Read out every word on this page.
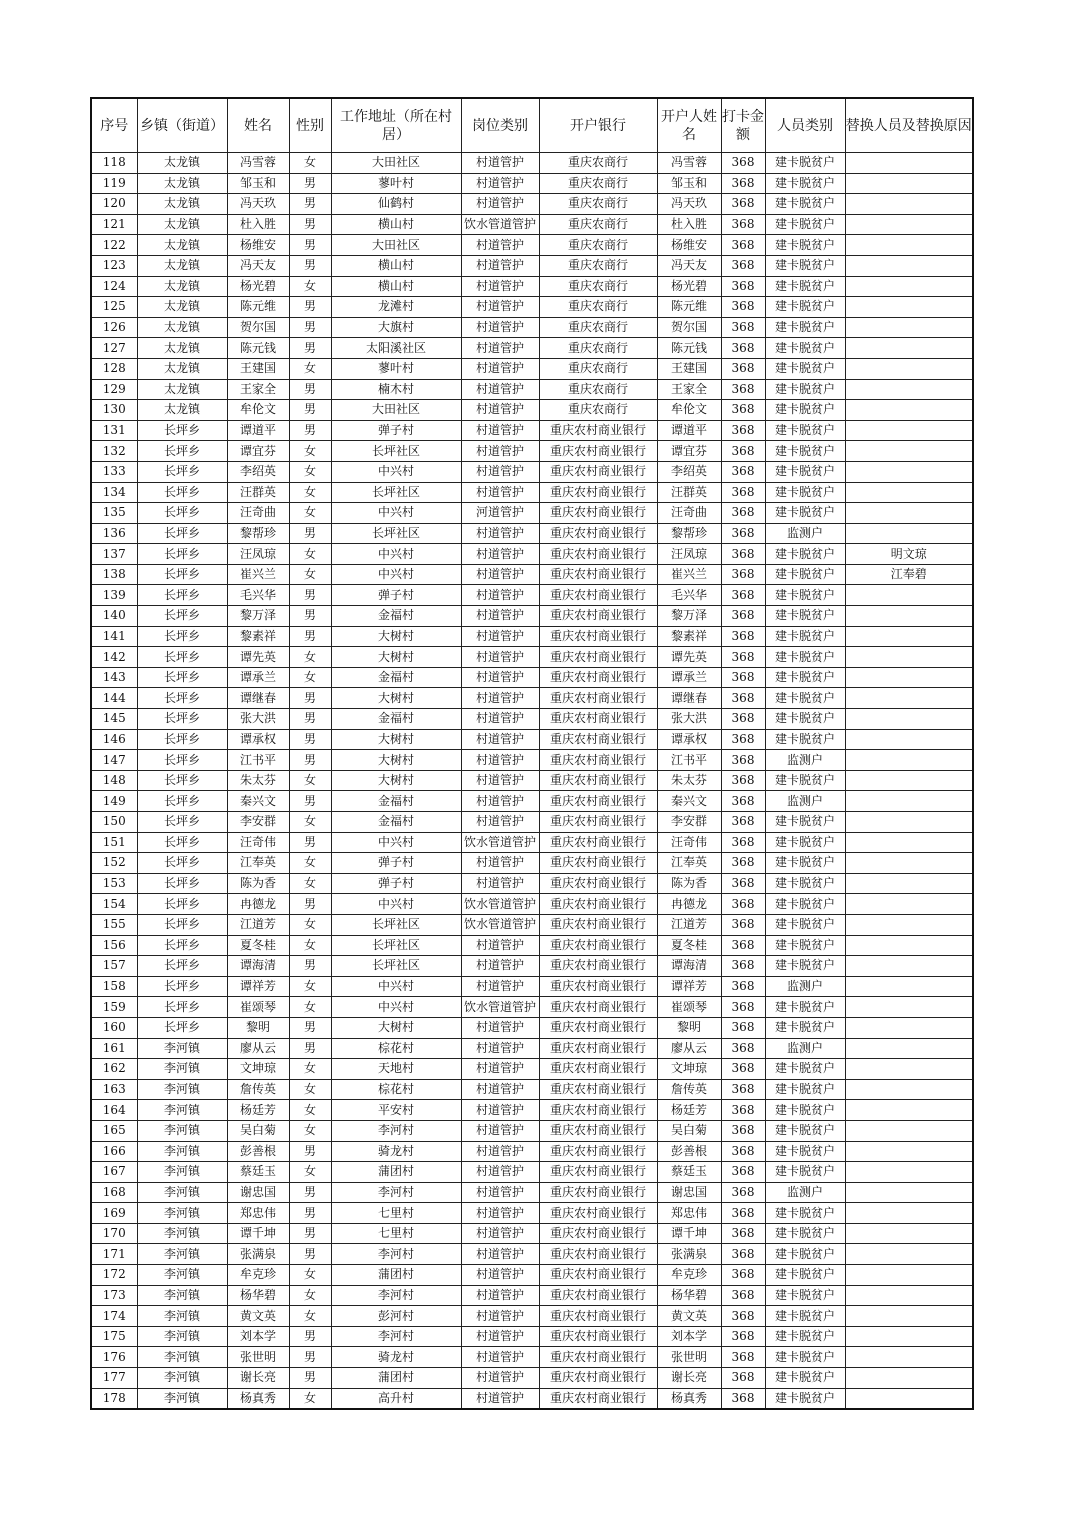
序号	乡镇（街道）	姓名	性别	工作地址（所在村居）	岗位类别	开户银行	开户人姓名	打卡金额	人员类别	替换人员及替换原因
118	太龙镇	冯雪蓉	女	大田社区	村道管护	重庆农商行	冯雪蓉	368	建卡脱贫户	
119	太龙镇	邹玉和	男	蓼叶村	村道管护	重庆农商行	邹玉和	368	建卡脱贫户	
120	太龙镇	冯天玖	男	仙鹤村	村道管护	重庆农商行	冯天玖	368	建卡脱贫户	
121	太龙镇	杜入胜	男	横山村	饮水管道管护	重庆农商行	杜入胜	368	建卡脱贫户	
122	太龙镇	杨维安	男	大田社区	村道管护	重庆农商行	杨维安	368	建卡脱贫户	
123	太龙镇	冯天友	男	横山村	村道管护	重庆农商行	冯天友	368	建卡脱贫户	
124	太龙镇	杨光碧	女	横山村	村道管护	重庆农商行	杨光碧	368	建卡脱贫户	
125	太龙镇	陈元维	男	龙滩村	村道管护	重庆农商行	陈元维	368	建卡脱贫户	
126	太龙镇	贺尔国	男	大旗村	村道管护	重庆农商行	贺尔国	368	建卡脱贫户	
127	太龙镇	陈元钱	男	太阳溪社区	村道管护	重庆农商行	陈元钱	368	建卡脱贫户	
128	太龙镇	王建国	女	蓼叶村	村道管护	重庆农商行	王建国	368	建卡脱贫户	
129	太龙镇	王家全	男	楠木村	村道管护	重庆农商行	王家全	368	建卡脱贫户	
130	太龙镇	牟伦文	男	大田社区	村道管护	重庆农商行	牟伦文	368	建卡脱贫户	
131	长坪乡	谭道平	男	弹子村	村道管护	重庆农村商业银行	谭道平	368	建卡脱贫户	
132	长坪乡	谭宜芬	女	长坪社区	村道管护	重庆农村商业银行	谭宜芬	368	建卡脱贫户	
133	长坪乡	李绍英	女	中兴村	村道管护	重庆农村商业银行	李绍英	368	建卡脱贫户	
134	长坪乡	汪群英	女	长坪社区	村道管护	重庆农村商业银行	汪群英	368	建卡脱贫户	
135	长坪乡	汪奇曲	女	中兴村	河道管护	重庆农村商业银行	汪奇曲	368	建卡脱贫户	
136	长坪乡	黎帮珍	男	长坪社区	村道管护	重庆农村商业银行	黎帮珍	368	监测户	
137	长坪乡	汪凤琼	女	中兴村	村道管护	重庆农村商业银行	汪凤琼	368	建卡脱贫户	明文琼
138	长坪乡	崔兴兰	女	中兴村	村道管护	重庆农村商业银行	崔兴兰	368	建卡脱贫户	江奉碧
139	长坪乡	毛兴华	男	弹子村	村道管护	重庆农村商业银行	毛兴华	368	建卡脱贫户	
140	长坪乡	黎万泽	男	金福村	村道管护	重庆农村商业银行	黎万泽	368	建卡脱贫户	
141	长坪乡	黎素祥	男	大树村	村道管护	重庆农村商业银行	黎素祥	368	建卡脱贫户	
142	长坪乡	谭先英	女	大树村	村道管护	重庆农村商业银行	谭先英	368	建卡脱贫户	
143	长坪乡	谭承兰	女	金福村	村道管护	重庆农村商业银行	谭承兰	368	建卡脱贫户	
144	长坪乡	谭继春	男	大树村	村道管护	重庆农村商业银行	谭继春	368	建卡脱贫户	
145	长坪乡	张大洪	男	金福村	村道管护	重庆农村商业银行	张大洪	368	建卡脱贫户	
146	长坪乡	谭承权	男	大树村	村道管护	重庆农村商业银行	谭承权	368	建卡脱贫户	
147	长坪乡	江书平	男	大树村	村道管护	重庆农村商业银行	江书平	368	监测户	
148	长坪乡	朱太芬	女	大树村	村道管护	重庆农村商业银行	朱太芬	368	建卡脱贫户	
149	长坪乡	秦兴文	男	金福村	村道管护	重庆农村商业银行	秦兴文	368	监测户	
150	长坪乡	李安群	女	金福村	村道管护	重庆农村商业银行	李安群	368	建卡脱贫户	
151	长坪乡	汪奇伟	男	中兴村	饮水管道管护	重庆农村商业银行	汪奇伟	368	建卡脱贫户	
152	长坪乡	江奉英	女	弹子村	村道管护	重庆农村商业银行	江奉英	368	建卡脱贫户	
153	长坪乡	陈为香	女	弹子村	村道管护	重庆农村商业银行	陈为香	368	建卡脱贫户	
154	长坪乡	冉德龙	男	中兴村	饮水管道管护	重庆农村商业银行	冉德龙	368	建卡脱贫户	
155	长坪乡	江道芳	女	长坪社区	饮水管道管护	重庆农村商业银行	江道芳	368	建卡脱贫户	
156	长坪乡	夏冬桂	女	长坪社区	村道管护	重庆农村商业银行	夏冬桂	368	建卡脱贫户	
157	长坪乡	谭海清	男	长坪社区	村道管护	重庆农村商业银行	谭海清	368	建卡脱贫户	
158	长坪乡	谭祥芳	女	中兴村	村道管护	重庆农村商业银行	谭祥芳	368	监测户	
159	长坪乡	崔颂琴	女	中兴村	饮水管道管护	重庆农村商业银行	崔颂琴	368	建卡脱贫户	
160	长坪乡	黎明	男	大树村	村道管护	重庆农村商业银行	黎明	368	建卡脱贫户	
161	李河镇	廖从云	男	棕花村	村道管护	重庆农村商业银行	廖从云	368	监测户	
162	李河镇	文坤琼	女	天地村	村道管护	重庆农村商业银行	文坤琼	368	建卡脱贫户	
163	李河镇	詹传英	女	棕花村	村道管护	重庆农村商业银行	詹传英	368	建卡脱贫户	
164	李河镇	杨廷芳	女	平安村	村道管护	重庆农村商业银行	杨廷芳	368	建卡脱贫户	
165	李河镇	吴白菊	女	李河村	村道管护	重庆农村商业银行	吴白菊	368	建卡脱贫户	
166	李河镇	彭善根	男	骑龙村	村道管护	重庆农村商业银行	彭善根	368	建卡脱贫户	
167	李河镇	蔡廷玉	女	蒲团村	村道管护	重庆农村商业银行	蔡廷玉	368	建卡脱贫户	
168	李河镇	谢忠国	男	李河村	村道管护	重庆农村商业银行	谢忠国	368	监测户	
169	李河镇	郑忠伟	男	七里村	村道管护	重庆农村商业银行	郑忠伟	368	建卡脱贫户	
170	李河镇	谭千坤	男	七里村	村道管护	重庆农村商业银行	谭千坤	368	建卡脱贫户	
171	李河镇	张满泉	男	李河村	村道管护	重庆农村商业银行	张满泉	368	建卡脱贫户	
172	李河镇	牟克珍	女	蒲团村	村道管护	重庆农村商业银行	牟克珍	368	建卡脱贫户	
173	李河镇	杨华碧	女	李河村	村道管护	重庆农村商业银行	杨华碧	368	建卡脱贫户	
174	李河镇	黄文英	女	彭河村	村道管护	重庆农村商业银行	黄文英	368	建卡脱贫户	
175	李河镇	刘本学	男	李河村	村道管护	重庆农村商业银行	刘本学	368	建卡脱贫户	
176	李河镇	张世明	男	骑龙村	村道管护	重庆农村商业银行	张世明	368	建卡脱贫户	
177	李河镇	谢长亮	男	蒲团村	村道管护	重庆农村商业银行	谢长亮	368	建卡脱贫户	
178	李河镇	杨真秀	女	高升村	村道管护	重庆农村商业银行	杨真秀	368	建卡脱贫户	
